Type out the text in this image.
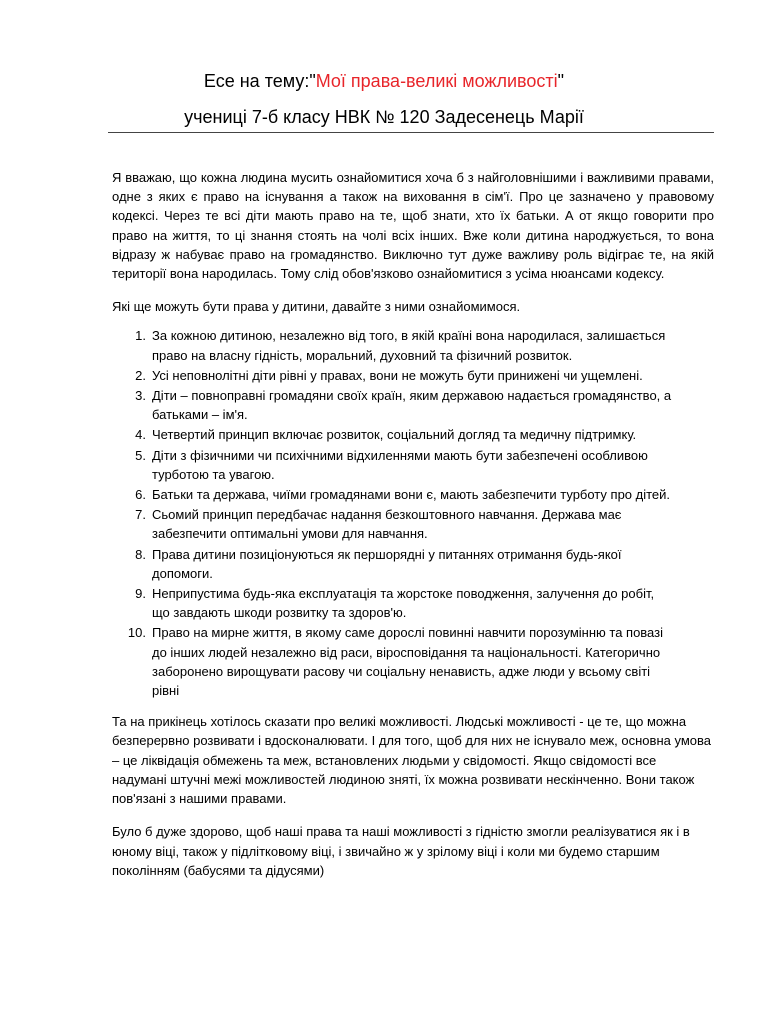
Есе на тему:"Мої права-великі можливості"
учениці 7-б класу НВК № 120 Задесенець Марії

Я вважаю, що кожна людина мусить ознайомитися хоча б з найголовнішими і важливими правами, одне з яких є право на існування а також на виховання в сім'ї. Про це зазначено у правовому кодексі. Через те всі діти мають право на те, щоб знати, хто їх батьки. А от якщо говорити про право на життя, то ці знання стоять на чолі всіх інших. Вже коли дитина народжується, то вона відразу ж набуває право на громадянство. Виключно тут дуже важливу роль відіграє те, на якій території вона народилась. Тому слід обов'язково ознайомитися з усіма нюансами кодексу.

Які ще можуть бути права у дитини, давайте з ними ознайомимося.

1. За кожною дитиною, незалежно від того, в якій країні вона народилася, залишається право на власну гідність, моральний, духовний та фізичний розвиток.
2. Усі неповнолітні діти рівні у правах, вони не можуть бути принижені чи ущемлені.
3. Діти – повноправні громадяни своїх країн, яким державою надається громадянство, а батьками – ім'я.
4. Четвертий принцип включає розвиток, соціальний догляд та медичну підтримку.
5. Діти з фізичними чи психічними відхиленнями мають бути забезпечені особливою турботою та увагою.
6. Батьки та держава, чиїми громадянами вони є, мають забезпечити турботу про дітей.
7. Сьомий принцип передбачає надання безкоштовного навчання. Держава має забезпечити оптимальні умови для навчання.
8. Права дитини позиціонуються як першорядні у питаннях отримання будь-якої допомоги.
9. Неприпустима будь-яка експлуатація та жорстоке поводження, залучення до робіт, що завдають шкоди розвитку та здоров'ю.
10. Право на мирне життя, в якому саме дорослі повинні навчити порозумінню та повазі до інших людей незалежно від раси, віросповідання та національності. Категорично заборонено вирощувати расову чи соціальну ненависть, адже люди у всьому світі рівні

Та на прикінець хотілось сказати про великі можливості. Людські можливості - це те, що можна безперервно розвивати і вдосконалювати. І для того, щоб для них не існувало меж, основна умова – це ліквідація обмежень та меж, встановлених людьми у свідомості. Якщо свідомості все надумані штучні межі можливостей людиною зняті, їх можна розвивати нескінченно. Вони також пов'язані з нашими правами.

Було б дуже здорово, щоб наші права та наші можливості з гідністю змогли реалізуватися як і в юному віці, також у підлітковому віці, і звичайно ж у зрілому віці і коли ми будемо старшим поколінням (бабусями та дідусями)
